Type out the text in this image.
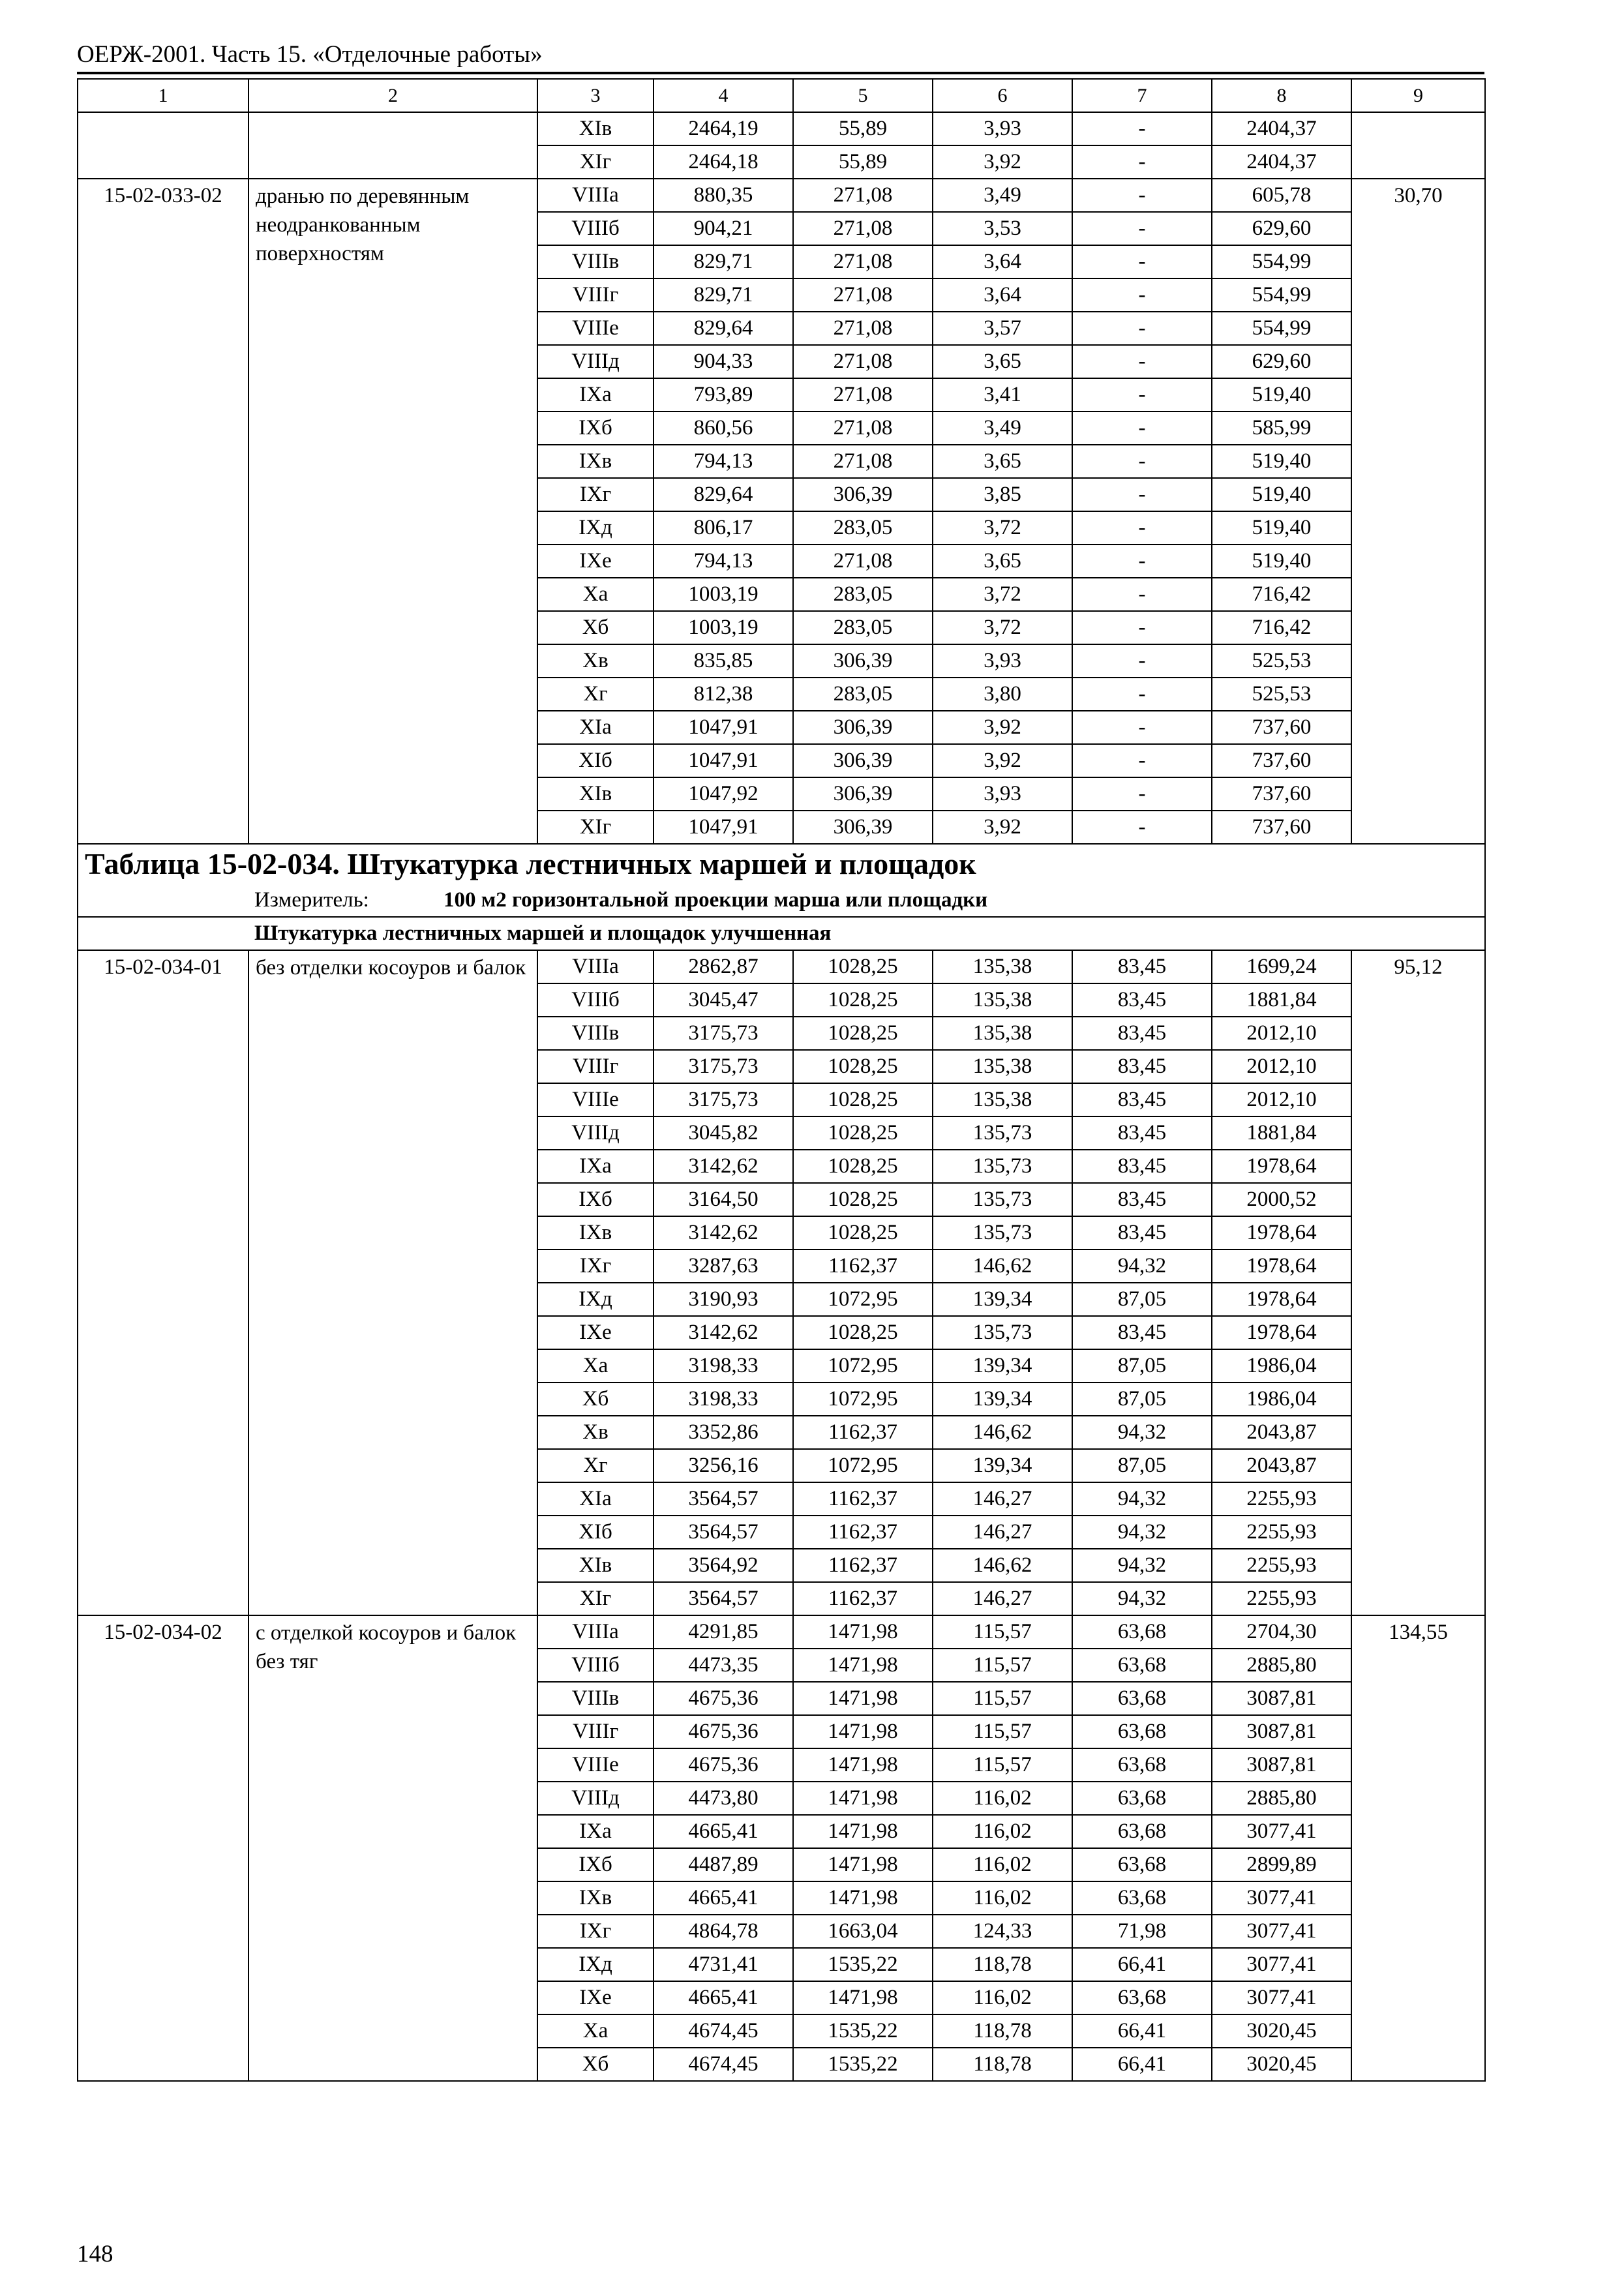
ОЕРЖ-2001. Часть 15. «Отделочные работы»
1	2	3	4	5	6	7	8	9
		XIв	2464,19	55,89	3,93	-	2404,37	
		XIг	2464,18	55,89	3,92	-	2404,37	
15-02-033-02	дранью по деревянным неодранкованным поверхностям	VIIIа	880,35	271,08	3,49	-	605,78	30,70
		VIIIб	904,21	271,08	3,53	-	629,60	
		VIIIв	829,71	271,08	3,64	-	554,99	
		VIIIг	829,71	271,08	3,64	-	554,99	
		VIIIе	829,64	271,08	3,57	-	554,99	
		VIIIд	904,33	271,08	3,65	-	629,60	
		IXа	793,89	271,08	3,41	-	519,40	
		IXб	860,56	271,08	3,49	-	585,99	
		IXв	794,13	271,08	3,65	-	519,40	
		IXг	829,64	306,39	3,85	-	519,40	
		IXд	806,17	283,05	3,72	-	519,40	
		IXе	794,13	271,08	3,65	-	519,40	
		Xа	1003,19	283,05	3,72	-	716,42	
		Xб	1003,19	283,05	3,72	-	716,42	
		Xв	835,85	306,39	3,93	-	525,53	
		Xг	812,38	283,05	3,80	-	525,53	
		XIа	1047,91	306,39	3,92	-	737,60	
		XIб	1047,91	306,39	3,92	-	737,60	
		XIв	1047,92	306,39	3,93	-	737,60	
		XIг	1047,91	306,39	3,92	-	737,60	
Таблица 15-02-034. Штукатурка лестничных маршей и площадок								
Измеритель: 100 м2 горизонтальной проекции марша или площадки								
Штукатурка лестничных маршей и площадок улучшенная								
15-02-034-01	без отделки косоуров и балок	VIIIа	2862,87	1028,25	135,38	83,45	1699,24	95,12
		VIIIб	3045,47	1028,25	135,38	83,45	1881,84	
		VIIIв	3175,73	1028,25	135,38	83,45	2012,10	
		VIIIг	3175,73	1028,25	135,38	83,45	2012,10	
		VIIIе	3175,73	1028,25	135,38	83,45	2012,10	
		VIIIд	3045,82	1028,25	135,73	83,45	1881,84	
		IXа	3142,62	1028,25	135,73	83,45	1978,64	
		IXб	3164,50	1028,25	135,73	83,45	2000,52	
		IXв	3142,62	1028,25	135,73	83,45	1978,64	
		IXг	3287,63	1162,37	146,62	94,32	1978,64	
		IXд	3190,93	1072,95	139,34	87,05	1978,64	
		IXе	3142,62	1028,25	135,73	83,45	1978,64	
		Xа	3198,33	1072,95	139,34	87,05	1986,04	
		Xб	3198,33	1072,95	139,34	87,05	1986,04	
		Xв	3352,86	1162,37	146,62	94,32	2043,87	
		Xг	3256,16	1072,95	139,34	87,05	2043,87	
		XIа	3564,57	1162,37	146,27	94,32	2255,93	
		XIб	3564,57	1162,37	146,27	94,32	2255,93	
		XIв	3564,92	1162,37	146,62	94,32	2255,93	
		XIг	3564,57	1162,37	146,27	94,32	2255,93	
15-02-034-02	с отделкой косоуров и балок без тяг	VIIIа	4291,85	1471,98	115,57	63,68	2704,30	134,55
		VIIIб	4473,35	1471,98	115,57	63,68	2885,80	
		VIIIв	4675,36	1471,98	115,57	63,68	3087,81	
		VIIIг	4675,36	1471,98	115,57	63,68	3087,81	
		VIIIе	4675,36	1471,98	115,57	63,68	3087,81	
		VIIIд	4473,80	1471,98	116,02	63,68	2885,80	
		IXа	4665,41	1471,98	116,02	63,68	3077,41	
		IXб	4487,89	1471,98	116,02	63,68	2899,89	
		IXв	4665,41	1471,98	116,02	63,68	3077,41	
		IXг	4864,78	1663,04	124,33	71,98	3077,41	
		IXд	4731,41	1535,22	118,78	66,41	3077,41	
		IXе	4665,41	1471,98	116,02	63,68	3077,41	
		Xа	4674,45	1535,22	118,78	66,41	3020,45	
		Xб	4674,45	1535,22	118,78	66,41	3020,45	
148
